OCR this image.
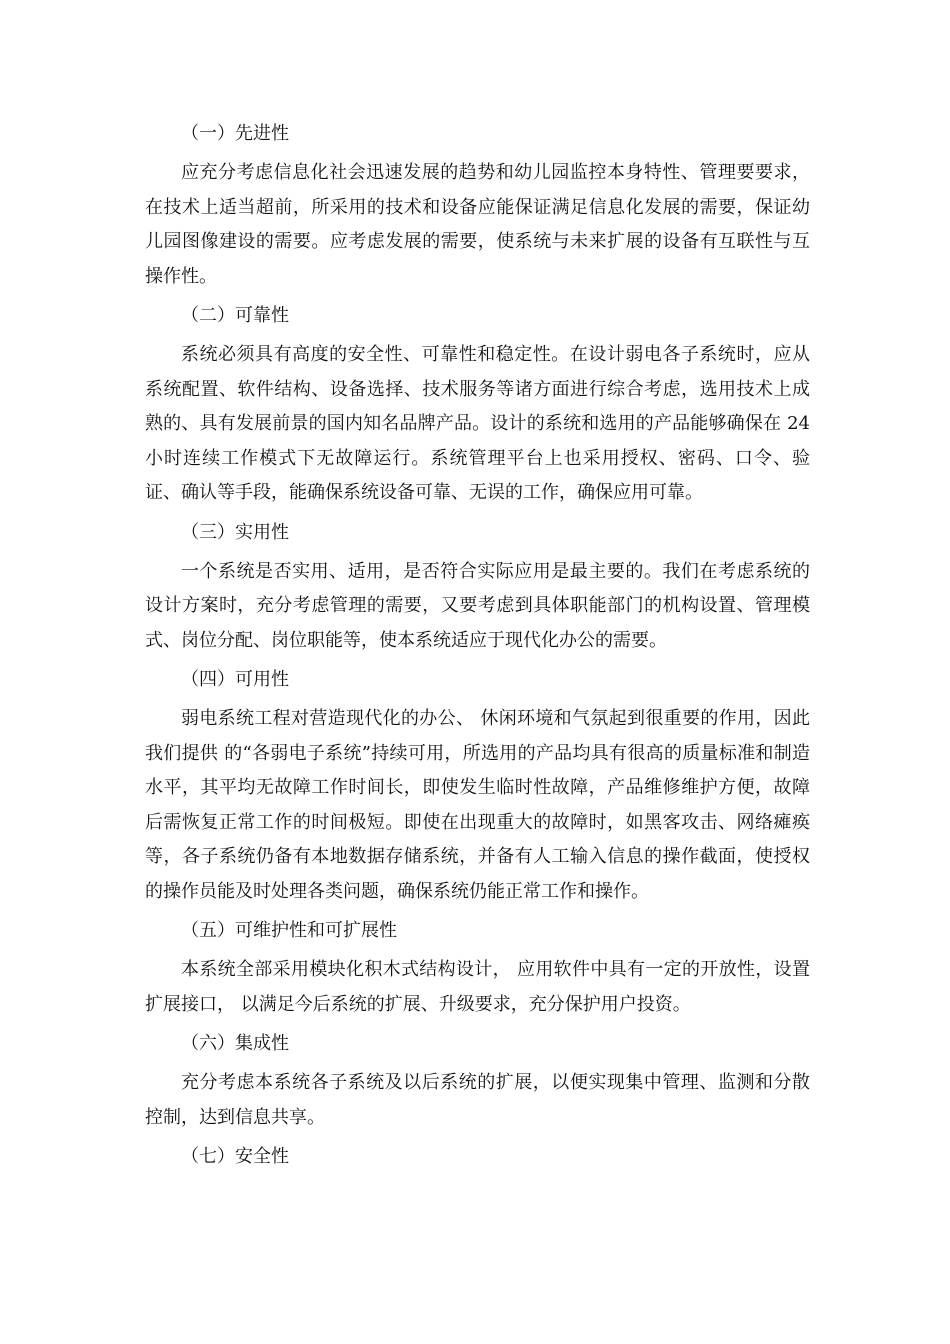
（一）先进性

应充分考虑信息化社会迅速发展的趋势和幼儿园监控本身特性、管理要要求，在技术上适当超前，所采用的技术和设备应能保证满足信息化发展的需要，保证幼儿园图像建设的需要。应考虑发展的需要，使系统与未来扩展的设备有互联性与互操作性。

（二）可靠性

系统必须具有高度的安全性、可靠性和稳定性。在设计弱电各子系统时，应从系统配置、软件结构、设备选择、技术服务等诸方面进行综合考虑，选用技术上成熟的、具有发展前景的国内知名品牌产品。设计的系统和选用的产品能够确保在 24 小时连续工作模式下无故障运行。系统管理平台上也采用授权、密码、口令、验证、确认等手段，能确保系统设备可靠、无误的工作，确保应用可靠。

（三）实用性

一个系统是否实用、适用，是否符合实际应用是最主要的。我们在考虑系统的设计方案时，充分考虑管理的需要，又要考虑到具体职能部门的机构设置、管理模式、岗位分配、岗位职能等，使本系统适应于现代化办公的需要。

（四）可用性

弱电系统工程对营造现代化的办公、 休闲环境和气氛起到很重要的作用，因此我们提供 的“各弱电子系统”持续可用，所选用的产品均具有很高的质量标准和制造水平，其平均无故障工作时间长，即使发生临时性故障，产品维修维护方便，故障后需恢复正常工作的时间极短。即使在出现重大的故障时，如黑客攻击、网络瘫痪等，各子系统仍备有本地数据存储系统，并备有人工输入信息的操作截面，使授权的操作员能及时处理各类问题，确保系统仍能正常工作和操作。

（五）可维护性和可扩展性

本系统全部采用模块化积木式结构设计， 应用软件中具有一定的开放性，设置扩展接口， 以满足今后系统的扩展、升级要求，充分保护用户投资。

（六）集成性

充分考虑本系统各子系统及以后系统的扩展，以便实现集中管理、监测和分散控制，达到信息共享。

（七）安全性
